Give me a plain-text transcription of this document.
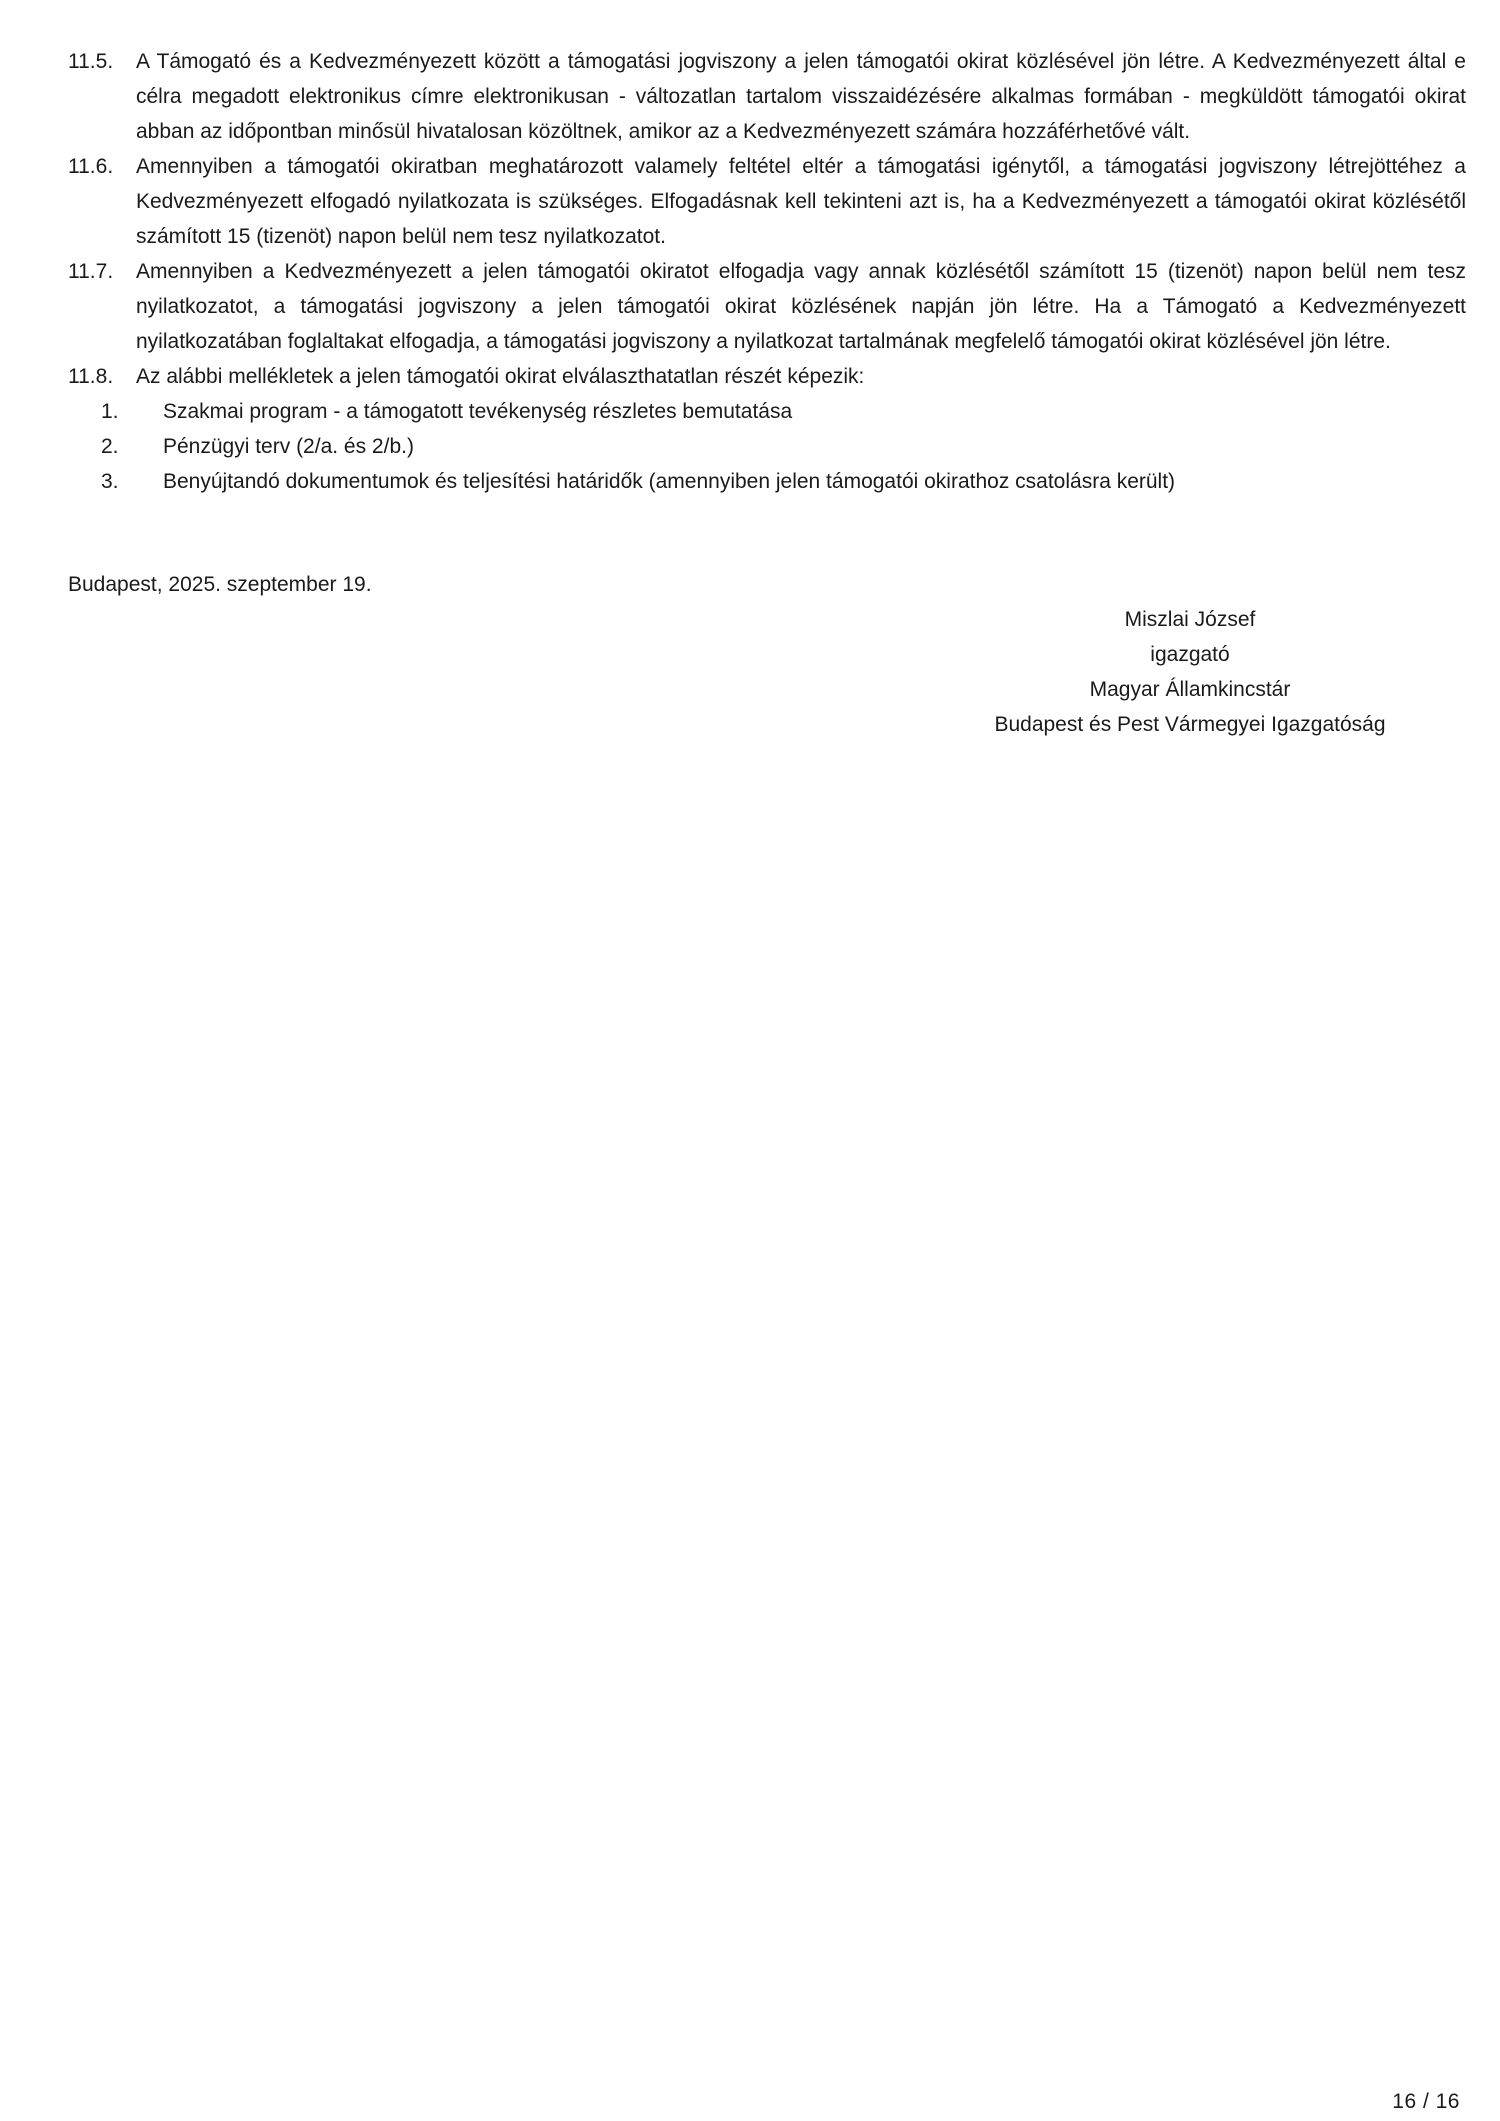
11.5.	A Támogató és a Kedvezményezett között a támogatási jogviszony a jelen támogatói okirat közlésével jön létre. A Kedvezményezett által e célra megadott elektronikus címre elektronikusan - változatlan tartalom visszaidézésére alkalmas formában - megküldött támogatói okirat abban az időpontban minősül hivatalosan közöltnek, amikor az a Kedvezményezett számára hozzáférhetővé vált.
11.6.	Amennyiben a támogatói okiratban meghatározott valamely feltétel eltér a támogatási igénytől, a támogatási jogviszony létrejöttéhez a Kedvezményezett elfogadó nyilatkozata is szükséges. Elfogadásnak kell tekinteni azt is, ha a Kedvezményezett a támogatói okirat közlésétől számított 15 (tizenöt) napon belül nem tesz nyilatkozatot.
11.7.	Amennyiben a Kedvezményezett a jelen támogatói okiratot elfogadja vagy annak közlésétől számított 15 (tizenöt) napon belül nem tesz nyilatkozatot, a támogatási jogviszony a jelen támogatói okirat közlésének napján jön létre. Ha a Támogató a Kedvezményezett nyilatkozatában foglaltakat elfogadja, a támogatási jogviszony a nyilatkozat tartalmának megfelelő támogatói okirat közlésével jön létre.
11.8.	Az alábbi mellékletek a jelen támogatói okirat elválaszthatatlan részét képezik:
1.	Szakmai program - a támogatott tevékenység részletes bemutatása
2.	Pénzügyi terv (2/a. és 2/b.)
3.	Benyújtandó dokumentumok és teljesítési határidők (amennyiben jelen támogatói okirathoz csatolásra került)
Budapest, 2025. szeptember 19.
Miszlai József
igazgató
Magyar Államkincstár
Budapest és Pest Vármegyei Igazgatóság
16 / 16
